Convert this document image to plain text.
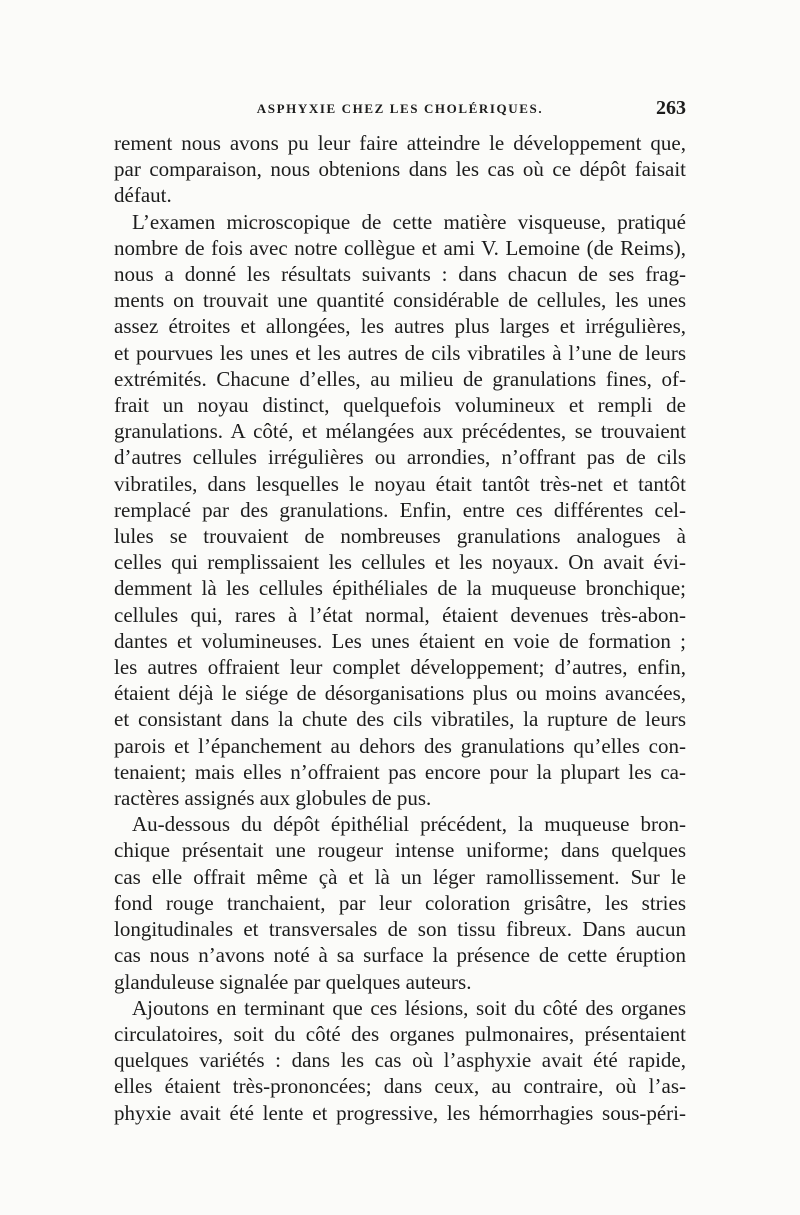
ASPHYXIE CHEZ LES CHOLÉRIQUES.	263

rement nous avons pu leur faire atteindre le développement que,
par comparaison, nous obtenions dans les cas où ce dépôt faisait
défaut.

L’examen microscopique de cette matière visqueuse, pratiqué
nombre de fois avec notre collègue et ami V. Lemoine (de Reims),
nous a donné les résultats suivants : dans chacun de ses frag-
ments on trouvait une quantité considérable de cellules, les unes
assez étroites et allongées, les autres plus larges et irrégulières,
et pourvues les unes et les autres de cils vibratiles à l’une de leurs
extrémités. Chacune d’elles, au milieu de granulations fines, of-
frait un noyau distinct, quelquefois volumineux et rempli de
granulations. A côté, et mélangées aux précédentes, se trouvaient
d’autres cellules irrégulières ou arrondies, n’offrant pas de cils
vibratiles, dans lesquelles le noyau était tantôt très-net et tantôt
remplacé par des granulations. Enfin, entre ces différentes cel-
lules se trouvaient de nombreuses granulations analogues à
celles qui remplissaient les cellules et les noyaux. On avait évi-
demment là les cellules épithéliales de la muqueuse bronchique;
cellules qui, rares à l’état normal, étaient devenues très-abon-
dantes et volumineuses. Les unes étaient en voie de formation ;
les autres offraient leur complet développement; d’autres, enfin,
étaient déjà le siége de désorganisations plus ou moins avancées,
et consistant dans la chute des cils vibratiles, la rupture de leurs
parois et l’épanchement au dehors des granulations qu’elles con-
tenaient; mais elles n’offraient pas encore pour la plupart les ca-
ractères assignés aux globules de pus.

Au-dessous du dépôt épithélial précédent, la muqueuse bron-
chique présentait une rougeur intense uniforme; dans quelques
cas elle offrait même çà et là un léger ramollissement. Sur le
fond rouge tranchaient, par leur coloration grisâtre, les stries
longitudinales et transversales de son tissu fibreux. Dans aucun
cas nous n’avons noté à sa surface la présence de cette éruption
glanduleuse signalée par quelques auteurs.

Ajoutons en terminant que ces lésions, soit du côté des organes
circulatoires, soit du côté des organes pulmonaires, présentaient
quelques variétés : dans les cas où l’asphyxie avait été rapide,
elles étaient très-prononcées; dans ceux, au contraire, où l’as-
phyxie avait été lente et progressive, les hémorrhagies sous-péri-
